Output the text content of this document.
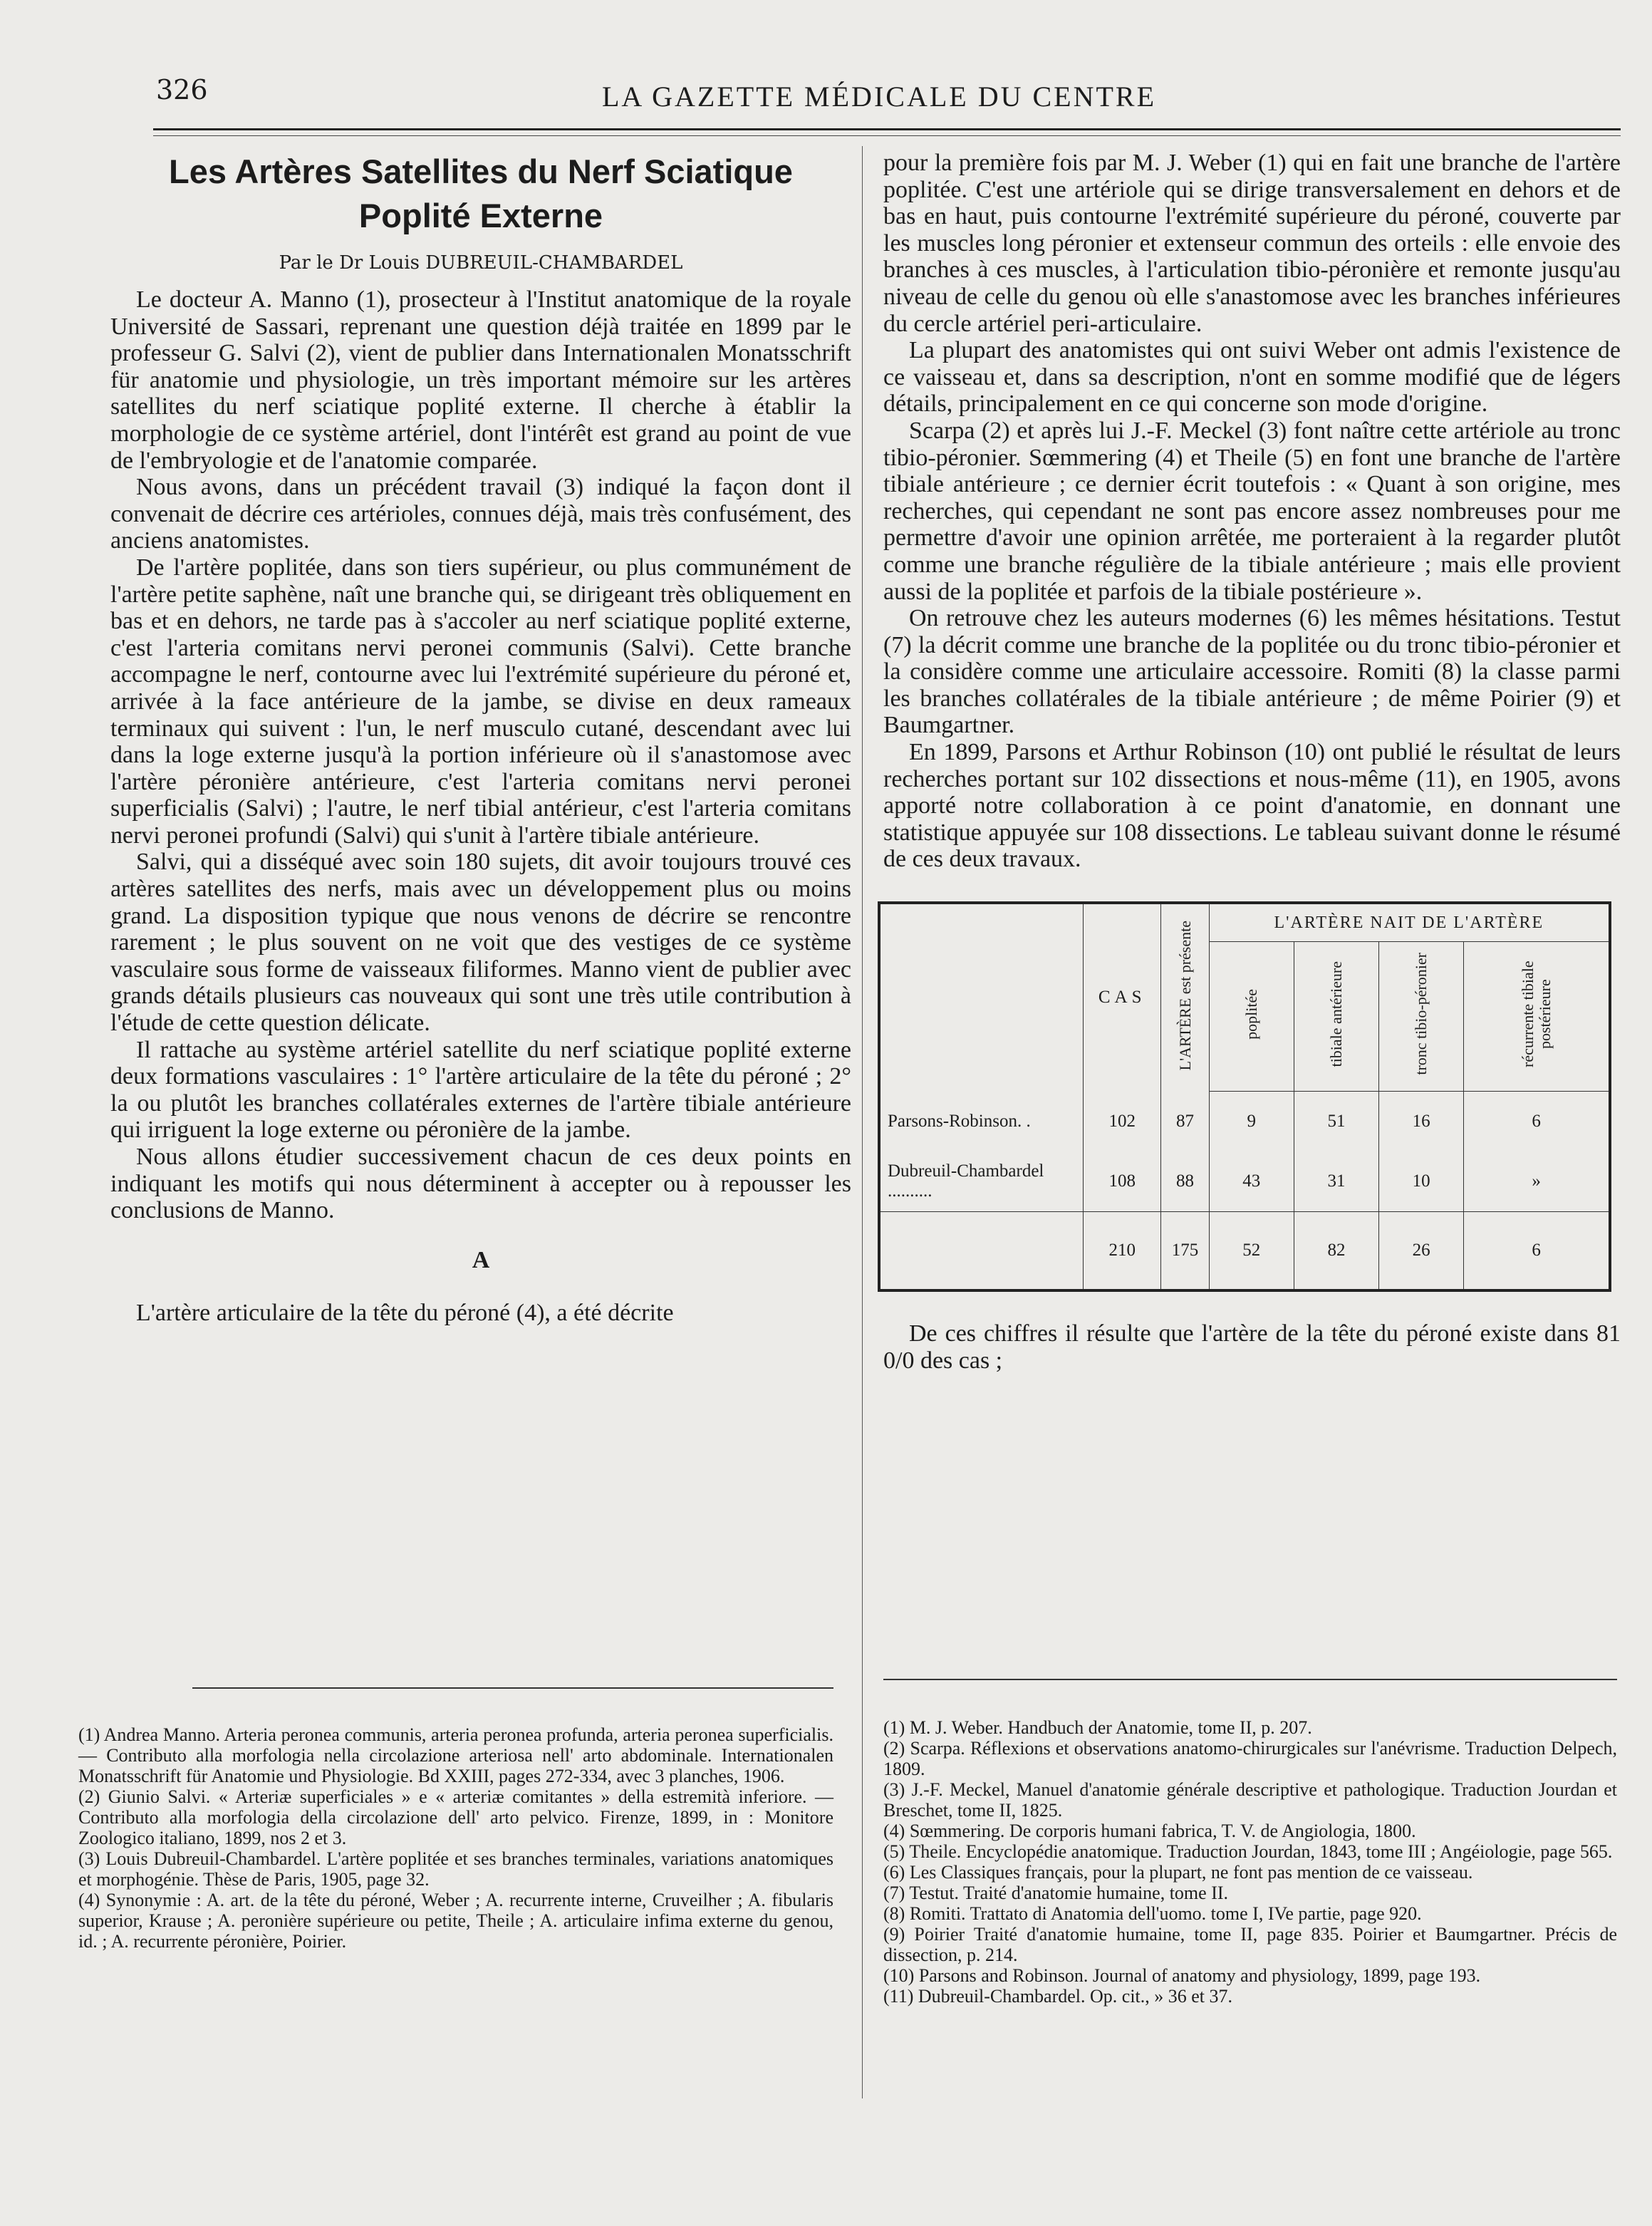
326	LA GAZETTE MÉDICALE DU CENTRE
Les Artères Satellites du Nerf Sciatique
Poplité Externe
Par le Dr Louis DUBREUIL-CHAMBARDEL

Le docteur A. Manno (1), prosecteur à l'Institut anatomique de la royale Université de Sassari, reprenant une question déjà traitée en 1899 par le professeur G. Salvi (2), vient de publier dans Internationalen Monatsschrift für anatomie und physiologie, un très important mémoire sur les artères satellites du nerf sciatique poplité externe. Il cherche à établir la morphologie de ce système artériel, dont l'intérêt est grand au point de vue de l'embryologie et de l'anatomie comparée.

Nous avons, dans un précédent travail (3) indiqué la façon dont il convenait de décrire ces artérioles, connues déjà, mais très confusément, des anciens anatomistes.

De l'artère poplitée, dans son tiers supérieur, ou plus communément de l'artère petite saphène, naît une branche qui, se dirigeant très obliquement en bas et en dehors, ne tarde pas à s'accoler au nerf sciatique poplité externe, c'est l'arteria comitans nervi peronei communis (Salvi). Cette branche accompagne le nerf, contourne avec lui l'extrémité supérieure du péroné et, arrivée à la face antérieure de la jambe, se divise en deux rameaux terminaux qui suivent : l'un, le nerf musculo cutané, descendant avec lui dans la loge externe jusqu'à la portion inférieure où il s'anastomose avec l'artère péronière antérieure, c'est l'arteria comitans nervi peronei superficialis (Salvi) ; l'autre, le nerf tibial antérieur, c'est l'arteria comitans nervi peronei profundi (Salvi) qui s'unit à l'artère tibiale antérieure.

Salvi, qui a disséqué avec soin 180 sujets, dit avoir toujours trouvé ces artères satellites des nerfs, mais avec un développement plus ou moins grand. La disposition typique que nous venons de décrire se rencontre rarement ; le plus souvent on ne voit que des vestiges de ce système vasculaire sous forme de vaisseaux filiformes. Manno vient de publier avec grands détails plusieurs cas nouveaux qui sont une très utile contribution à l'étude de cette question délicate.

Il rattache au système artériel satellite du nerf sciatique poplité externe deux formations vasculaires : 1° l'artère articulaire de la tête du péroné ; 2° la ou plutôt les branches collatérales externes de l'artère tibiale antérieure qui irriguent la loge externe ou péronière de la jambe.

Nous allons étudier successivement chacun de ces deux points en indiquant les motifs qui nous déterminent à accepter ou à repousser les conclusions de Manno.

A

L'artère articulaire de la tête du péroné (4), a été décrite

pour la première fois par M. J. Weber (1) qui en fait une branche de l'artère poplitée. C'est une artériole qui se dirige transversalement en dehors et de bas en haut, puis contourne l'extrémité supérieure du péroné, couverte par les muscles long péronier et extenseur commun des orteils : elle envoie des branches à ces muscles, à l'articulation tibio-péronière et remonte jusqu'au niveau de celle du genou où elle s'anastomose avec les branches inférieures du cercle artériel peri-articulaire.

La plupart des anatomistes qui ont suivi Weber ont admis l'existence de ce vaisseau et, dans sa description, n'ont en somme modifié que de légers détails, principalement en ce qui concerne son mode d'origine.

Scarpa (2) et après lui J.-F. Meckel (3) font naître cette artériole au tronc tibio-péronier. Sœmmering (4) et Theile (5) en font une branche de l'artère tibiale antérieure ; ce dernier écrit toutefois : « Quant à son origine, mes recherches, qui cependant ne sont pas encore assez nombreuses pour me permettre d'avoir une opinion arrêtée, me porteraient à la regarder plutôt comme une branche régulière de la tibiale antérieure ; mais elle provient aussi de la poplitée et parfois de la tibiale postérieure ».

On retrouve chez les auteurs modernes (6) les mêmes hésitations. Testut (7) la décrit comme une branche de la poplitée ou du tronc tibio-péronier et la considère comme une articulaire accessoire. Romiti (8) la classe parmi les branches collatérales de la tibiale antérieure ; de même Poirier (9) et Baumgartner.

En 1899, Parsons et Arthur Robinson (10) ont publié le résultat de leurs recherches portant sur 102 dissections et nous-même (11), en 1905, avons apporté notre collaboration à ce point d'anatomie, en donnant une statistique appuyée sur 108 dissections. Le tableau suivant donne le résumé de ces deux travaux.

	CAS	L'ARTÈRE est présente	L'ARTÈRE NAIT DE L'ARTÈRE			
			poplitée	tibiale antérieure	tronc tibio-péronier	récurrente tibiale postérieure
Parsons-Robinson. .	102	87	9	51	16	6
Dubreuil-Chambardel ..........	108	88	43	31	10	»
	210	175	52	82	26	6

De ces chiffres il résulte que l'artère de la tête du péroné existe dans 81 0/0 des cas ;

(1) Andrea Manno. Arteria peronea communis, arteria peronea profunda, arteria peronea superficialis. — Contributo alla morfologia nella circolazione arteriosa nell' arto abdominale. Internationalen Monatsschrift für Anatomie und Physiologie. Bd XXIII, pages 272-334, avec 3 planches, 1906.

(2) Giunio Salvi. « Arteriæ superficiales » e « arteriæ comitantes » della estremità inferiore. — Contributo alla morfologia della circolazione dell' arto pelvico. Firenze, 1899, in : Monitore Zoologico italiano, 1899, nos 2 et 3.

(3) Louis Dubreuil-Chambardel. L'artère poplitée et ses branches terminales, variations anatomiques et morphogénie. Thèse de Paris, 1905, page 32.

(4) Synonymie : A. art. de la tête du péroné, Weber ; A. recurrente interne, Cruveilher ; A. fibularis superior, Krause ; A. peronière supérieure ou petite, Theile ; A. articulaire infima externe du genou, id. ; A. recurrente péronière, Poirier.

(1) M. J. Weber. Handbuch der Anatomie, tome II, p. 207.

(2) Scarpa. Réflexions et observations anatomo-chirurgicales sur l'anévrisme. Traduction Delpech, 1809.

(3) J.-F. Meckel, Manuel d'anatomie générale descriptive et pathologique. Traduction Jourdan et Breschet, tome II, 1825.

(4) Sœmmering. De corporis humani fabrica, T. V. de Angiologia, 1800.

(5) Theile. Encyclopédie anatomique. Traduction Jourdan, 1843, tome III ; Angéiologie, page 565.

(6) Les Classiques français, pour la plupart, ne font pas mention de ce vaisseau.

(7) Testut. Traité d'anatomie humaine, tome II.

(8) Romiti. Trattato di Anatomia dell'uomo. tome I, IVe partie, page 920.

(9) Poirier Traité d'anatomie humaine, tome II, page 835. Poirier et Baumgartner. Précis de dissection, p. 214.

(10) Parsons and Robinson. Journal of anatomy and physiology, 1899, page 193.

(11) Dubreuil-Chambardel. Op. cit., » 36 et 37.
